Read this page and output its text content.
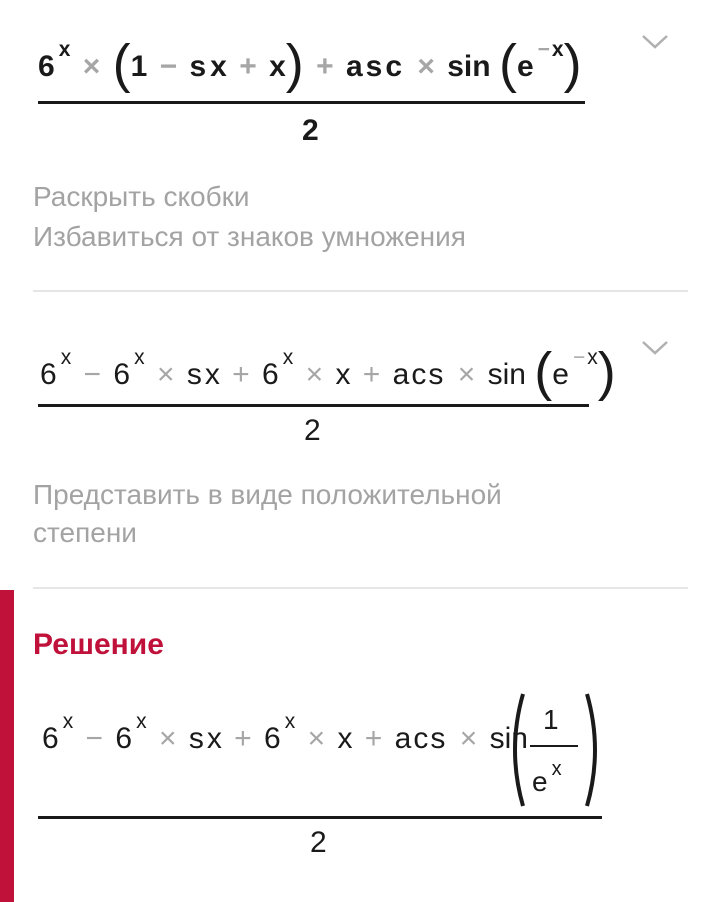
6x × (1 − s x + x) + asc × sin (e−x)
2
Раскрыть скобки
Избавиться от знаков умножения
6x − 6x × s x + 6x × x + acs × sin (e−x)
2
Представить в виде положительной
степени
Решение
6x − 6x × s x + 6x × x + acs × sin
1
e $^x$
2
